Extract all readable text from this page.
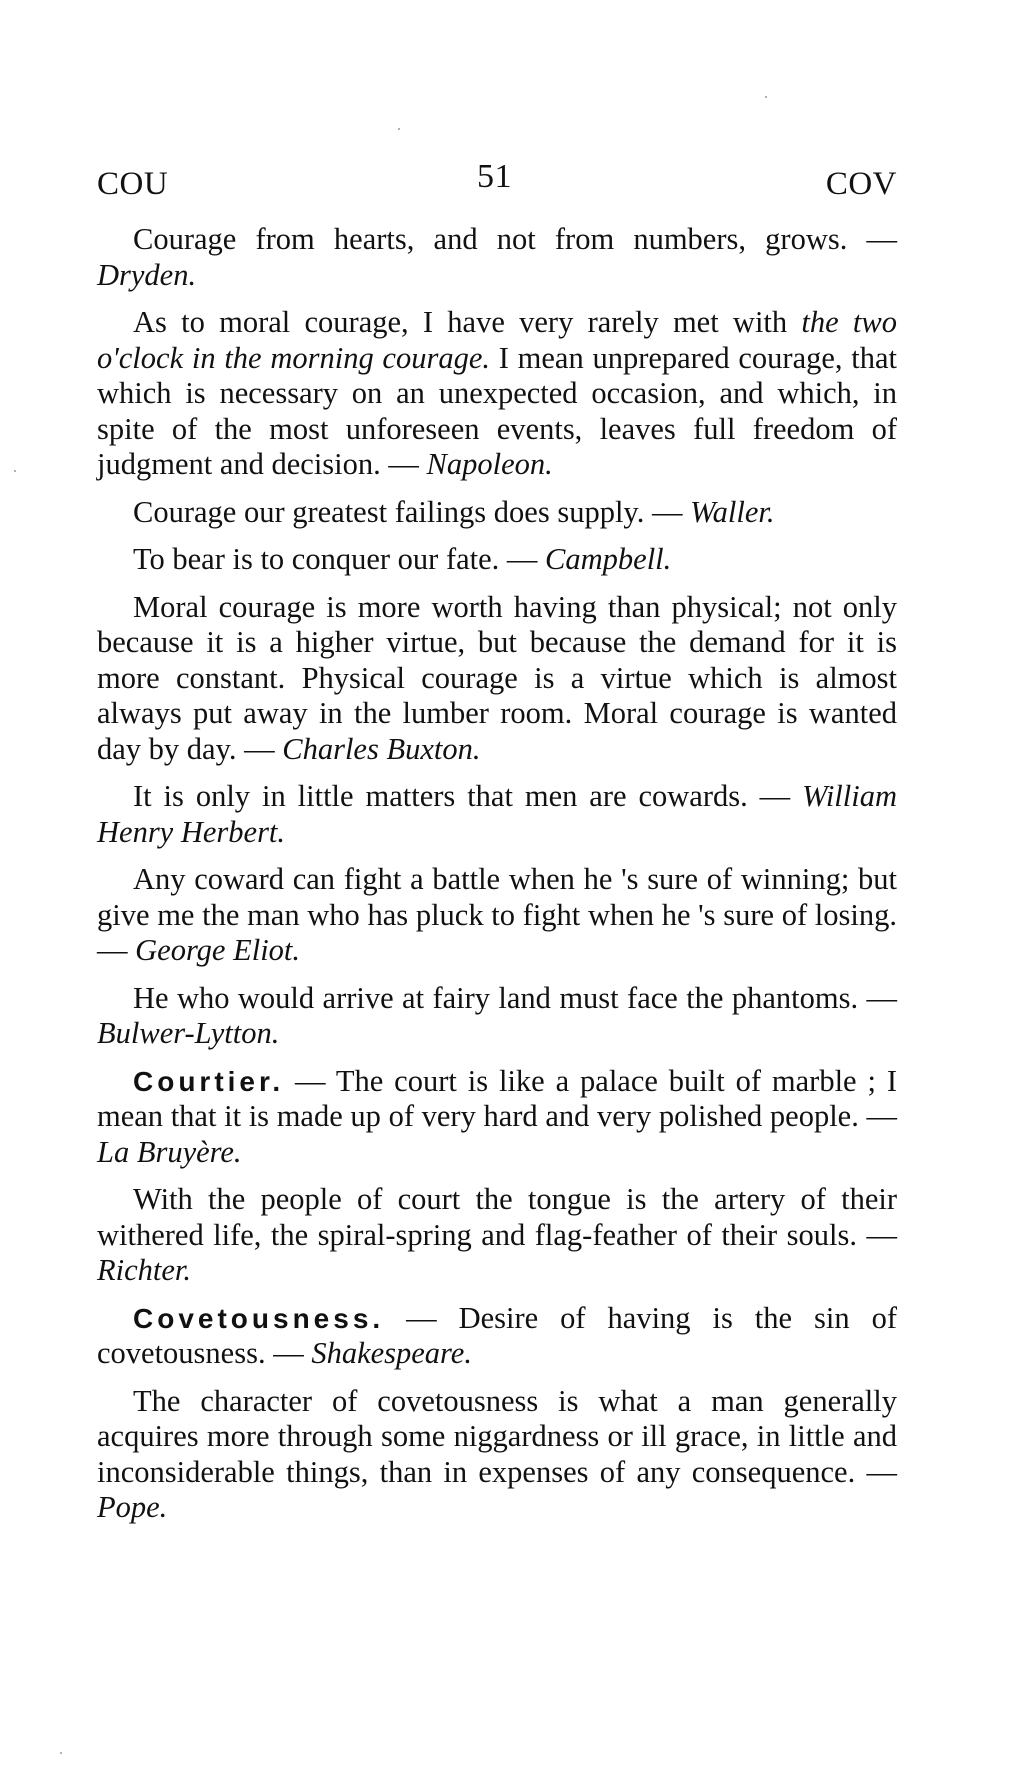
COU	51	COV

Courage from hearts, and not from numbers, grows. — Dryden.

As to moral courage, I have very rarely met with the two o'clock in the morning courage. I mean unprepared courage, that which is necessary on an unexpected occasion, and which, in spite of the most unforeseen events, leaves full freedom of judgment and decision. — Napoleon.

Courage our greatest failings does supply. — Waller.

To bear is to conquer our fate. — Campbell.

Moral courage is more worth having than physical; not only because it is a higher virtue, but because the demand for it is more constant. Physical courage is a virtue which is almost always put away in the lumber room. Moral courage is wanted day by day. — Charles Buxton.

It is only in little matters that men are cowards. — William Henry Herbert.

Any coward can fight a battle when he 's sure of winning; but give me the man who has pluck to fight when he 's sure of losing. — George Eliot.

He who would arrive at fairy land must face the phantoms. — Bulwer-Lytton.

Courtier. — The court is like a palace built of marble ; I mean that it is made up of very hard and very polished people. — La Bruyère.

With the people of court the tongue is the artery of their withered life, the spiral-spring and flag-feather of their souls. — Richter.

Covetousness. — Desire of having is the sin of covetousness. — Shakespeare.

The character of covetousness is what a man generally acquires more through some niggardness or ill grace, in little and inconsiderable things, than in expenses of any consequence. — Pope.
